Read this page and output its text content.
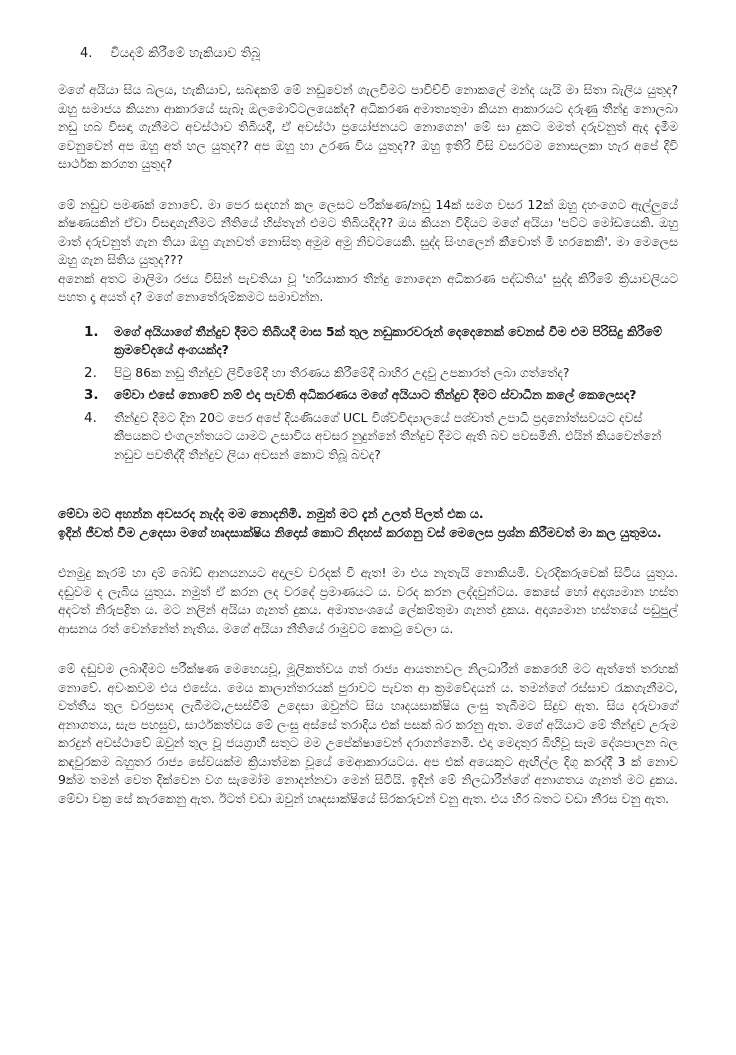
4. වියදම් කිරීමේ හැකියාව තිබූ

මගේ අයියා සිය බලය, හැකියාව, සබඳකම් මේ නඩුවෙන් ගැලවීමට පාවිච්චි නොකලේ මන්ද යැයි මා සිතා බැලිය යුතුද? ඔහු සමාජය කියනා ආකාරයේ සැබෑ ඔලමොට්ටලයෙක්ද? අධිකරණ අමාත්‍යතුමා කියන ආකාරයට දරුණු තීන්දු නොලබා නඩු හබ විසඳා ගැනීමට අවස්ථාව තිබියදී, ඒ අවස්ථා ප්‍රයෝජනයට නොගෙන' මේ සා දුකට මමත් දරුවනුත් ඇද දැමීම වෙනුවෙන් අප ඔහු අත් හල යුතුද?? අප ඔහු හා උරණ විය යුතුද?? ඔහු ඉතිරි විසි වසරටම නොසලකා හැර අපේ දිවි සාර්ථක කරගත යුතුද?

මේ නඩුව පමණක් නොවේ. මා පෙර සඳහන් කල ලෙසට පරීක්ෂණ/නඩු 14ක් සමග වසර 12ක් ඔහු දහංගෙට ඇල්ලුයේ ක්ෂණයකින් ඒවා විසඳාගැනීමට නීතියේ හිස්තැන් එමට තිබියදිද?? ඔය කියන විදියට මගේ අයියා 'පට්ට මෝඩයෙකි. ඔහු මාත් දරුවනුත් ගැන තියා ඔහු ගැනවත් නොසිතූ අමුම අමු නිවටයෙකි. සුද්ද සිංහලෙන් කීවොත් මී හරකෙකි'. මා මෙලෙස ඔහු ගැන සිතිය යුතුද???

අනෙක් අතට මාලිමා රජය විසින් පැවතියා වූ 'හරියාකාර තීන්දු නොදෙන අධිකරණ පද්ධතිය' සුද්ද කිරීමේ ක්‍රියාවලියට පහත දෑ අයත් ද? මගේ නොතේරුම්කමට සමාවන්න.

1. මගේ අයියාගේ තීන්දුව දීමට තිබියදී මාස 5ක් තුල නඩුකාරවරුන් දෙදෙනෙක් වෙනස් වීම එම පිරිසිදු කිරීමේ ක්‍රමවේදයේ අංගයක්ද?
2.	පිටු 86ක නඩු තීන්දුව ලිවීමේදී හා තීරණය කිරීමේදී බාහිර උදවු උපකාරත් ලබා ගත්තේද?
3. මේවා එසේ නොවේ නම් එදා පැවති අධිකරණය මගේ අයියාට තීන්දුව දීමට ස්වාධීන කලේ කෙලෙසද?
4.	තීන්දුව දීමට දින 20ට පෙර අපේ දියණියගේ UCL විශ්වවිද්‍යාලයේ පශ්චාත් උපාධි ප්‍රදානෝත්සවයට දවස් කීපයකට එංගලන්තයට යාමට උසාවිය අවසර නුදුන්නේ තීන්දුව දීමට ඇති බව පවසමිනි. එයින් කියවෙන්නේ නඩුව පවතිද්දී තීන්දුව ලියා අවසන් කොට තිබූ බවද?
මේවා මට අහන්න අවසරද නැද්ද මම නොදනිමි. නමුත් මට දැන් උලත් පිලත් එක ය.
ඉදින් ජීවත් වීම උදෙසා මගේ හෘදසාක්ෂිය නිදොස් කොට නිදහස් කරගනු වස් මෙලෙස ප්‍රශ්න කිරීමවත් මා කල යුතුමය.

එනමුදු කැරම් හා දාම් බෝඩ් ආනයනයට අදාලව වරදක් වී ඇත! මා එය නැතැයි නොකියමි. වැරදිකරුවෙක් සිටිය යුතුය. දඬුවම ද ලැබිය යුතුය. නමුත් ඒ කරන ලද වරදේ ප්‍රමාණයට ය. වරද කරන ලද්දවුන්ටය. කෙසේ හෝ අදෘශ්‍යමාන හස්ත අදටත් නිරුපද්‍රිත ය. මට නලින් අයියා ගැනත් දුකය. අමාත්‍යංශයේ ලේකම්තුමා ගැනත් දුකය. අදෘශ්‍යමාන හස්තයේ පඩුපුල් ආසනය රත් වෙන්නේත් නැතිය. මගේ අයියා නීතියේ රාමුවට කොටු වෙලා ය.

මේ දඬුවම ලබාදීමට පරීක්ෂණ මෙහෙයවූ, මූලිකත්වය ගත් රාජ්‍ය ආයතනවල නිලධාරීන් කෙරෙහි මට ඇත්තේ තරහක් නොවේ. අවංකවම එය එසේය. මෙය කාලාන්තරයක් පුරාවට පැවත ආ ක්‍රමවේදයන් ය. තමන්ගේ රස්සාව රැකගැනීමට, වත්තීය තුල වරප්‍රසාද ලැබීමට,උසස්වීම් උදෙසා ඔවුන්ට සිය හෘදයසාක්ෂිය ලංසු තැබීමට සිදුව ඇත. සිය දරුවාගේ අනාගතය, සැප පහසුව, සාර්ථකත්වය මේ ලංසු අස්සේ තරාදිය එක් පසක් බර කරනු ඇත. මගේ අයියාට මේ තීන්දුව උරුම කරදුන් අවස්ථාවේ ඔවුන් තුල වූ ජයග්‍රාහී සතුට මම උපේක්ෂාවෙන් දරාගන්නෙමි. එදා මෙදාතුර බිහිවූ සෑම දේශපාලන බල කඳවුරකම බහුතර රාජ්‍ය සේවයක්ම ක්‍රියාත්මක වූයේ මෙආකාරයටය. අප එක් අයෙකුට ඇඟිල්ල දිගු කරද්දී 3 ක් නොව 9ක්ම තමන් වෙත දික්වෙන වග සැමෝම නොදන්නවා මෙන් සිටියි. ඉදින් මේ නිලධාරීන්ගේ අනාගතය ගැනත් මට දුකය. මේවා වක්‍ර සේ කැරකෙනු ඇත. ඊටත් වඩා ඔවුන් හෘදසාක්ෂියේ සිරකරුවන් වනු ඇත. එය හිර බතට වඩා නීරස වනු ඇත.
